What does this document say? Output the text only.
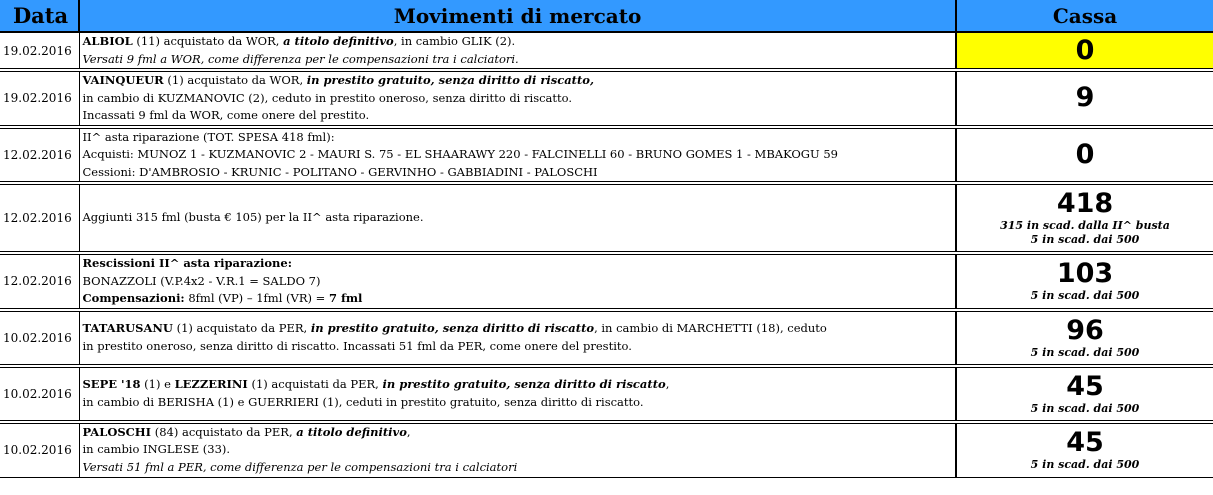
Data	Movimenti di mercato	Cassa
19.02.2016	ALBIOL (11) acquistato da WOR, a titolo definitivo, in cambio GLIK (2).
Versati 9 fml a WOR, come differenza per le compensazioni tra i calciatori.	0

19.02.2016	VAINQUEUR (1) acquistato da WOR, in prestito gratuito, senza diritto di riscatto,
in cambio di KUZMANOVIC (2), ceduto in prestito oneroso, senza diritto di riscatto.
Incassati 9 fml da WOR, come onere del prestito.	9

12.02.2016	II^ asta riparazione (TOT. SPESA 418 fml):
Acquisti: MUNOZ 1 - KUZMANOVIC 2 - MAURI S. 75 - EL SHAARAWY 220 - FALCINELLI 60 - BRUNO GOMES 1 - MBAKOGU 59
Cessioni: D'AMBROSIO - KRUNIC - POLITANO - GERVINHO - GABBIADINI - PALOSCHI	0

12.02.2016	Aggiunti 315 fml (busta € 105) per la II^ asta riparazione.	418
315 in scad. dalla II^ busta
5 in scad. dai 500

12.02.2016	Rescissioni II^ asta riparazione:
BONAZZOLI (V.P.4x2 - V.R.1 = SALDO 7)
Compensazioni: 8fml (VP) – 1fml (VR) = 7 fml	103
5 in scad. dai 500

10.02.2016	TATARUSANU (1) acquistato da PER, in prestito gratuito, senza diritto di riscatto, in cambio di MARCHETTI (18), ceduto
in prestito oneroso, senza diritto di riscatto. Incassati 51 fml da PER, come onere del prestito.	96
5 in scad. dai 500

10.02.2016	SEPE '18 (1) e LEZZERINI (1) acquistati da PER, in prestito gratuito, senza diritto di riscatto,
in cambio di BERISHA (1) e GUERRIERI (1), ceduti in prestito gratuito, senza diritto di riscatto.	45
5 in scad. dai 500

10.02.2016	PALOSCHI (84) acquistato da PER, a titolo definitivo,
in cambio INGLESE (33).
Versati 51 fml a PER, come differenza per le compensazioni tra i calciatori	45
5 in scad. dai 500
